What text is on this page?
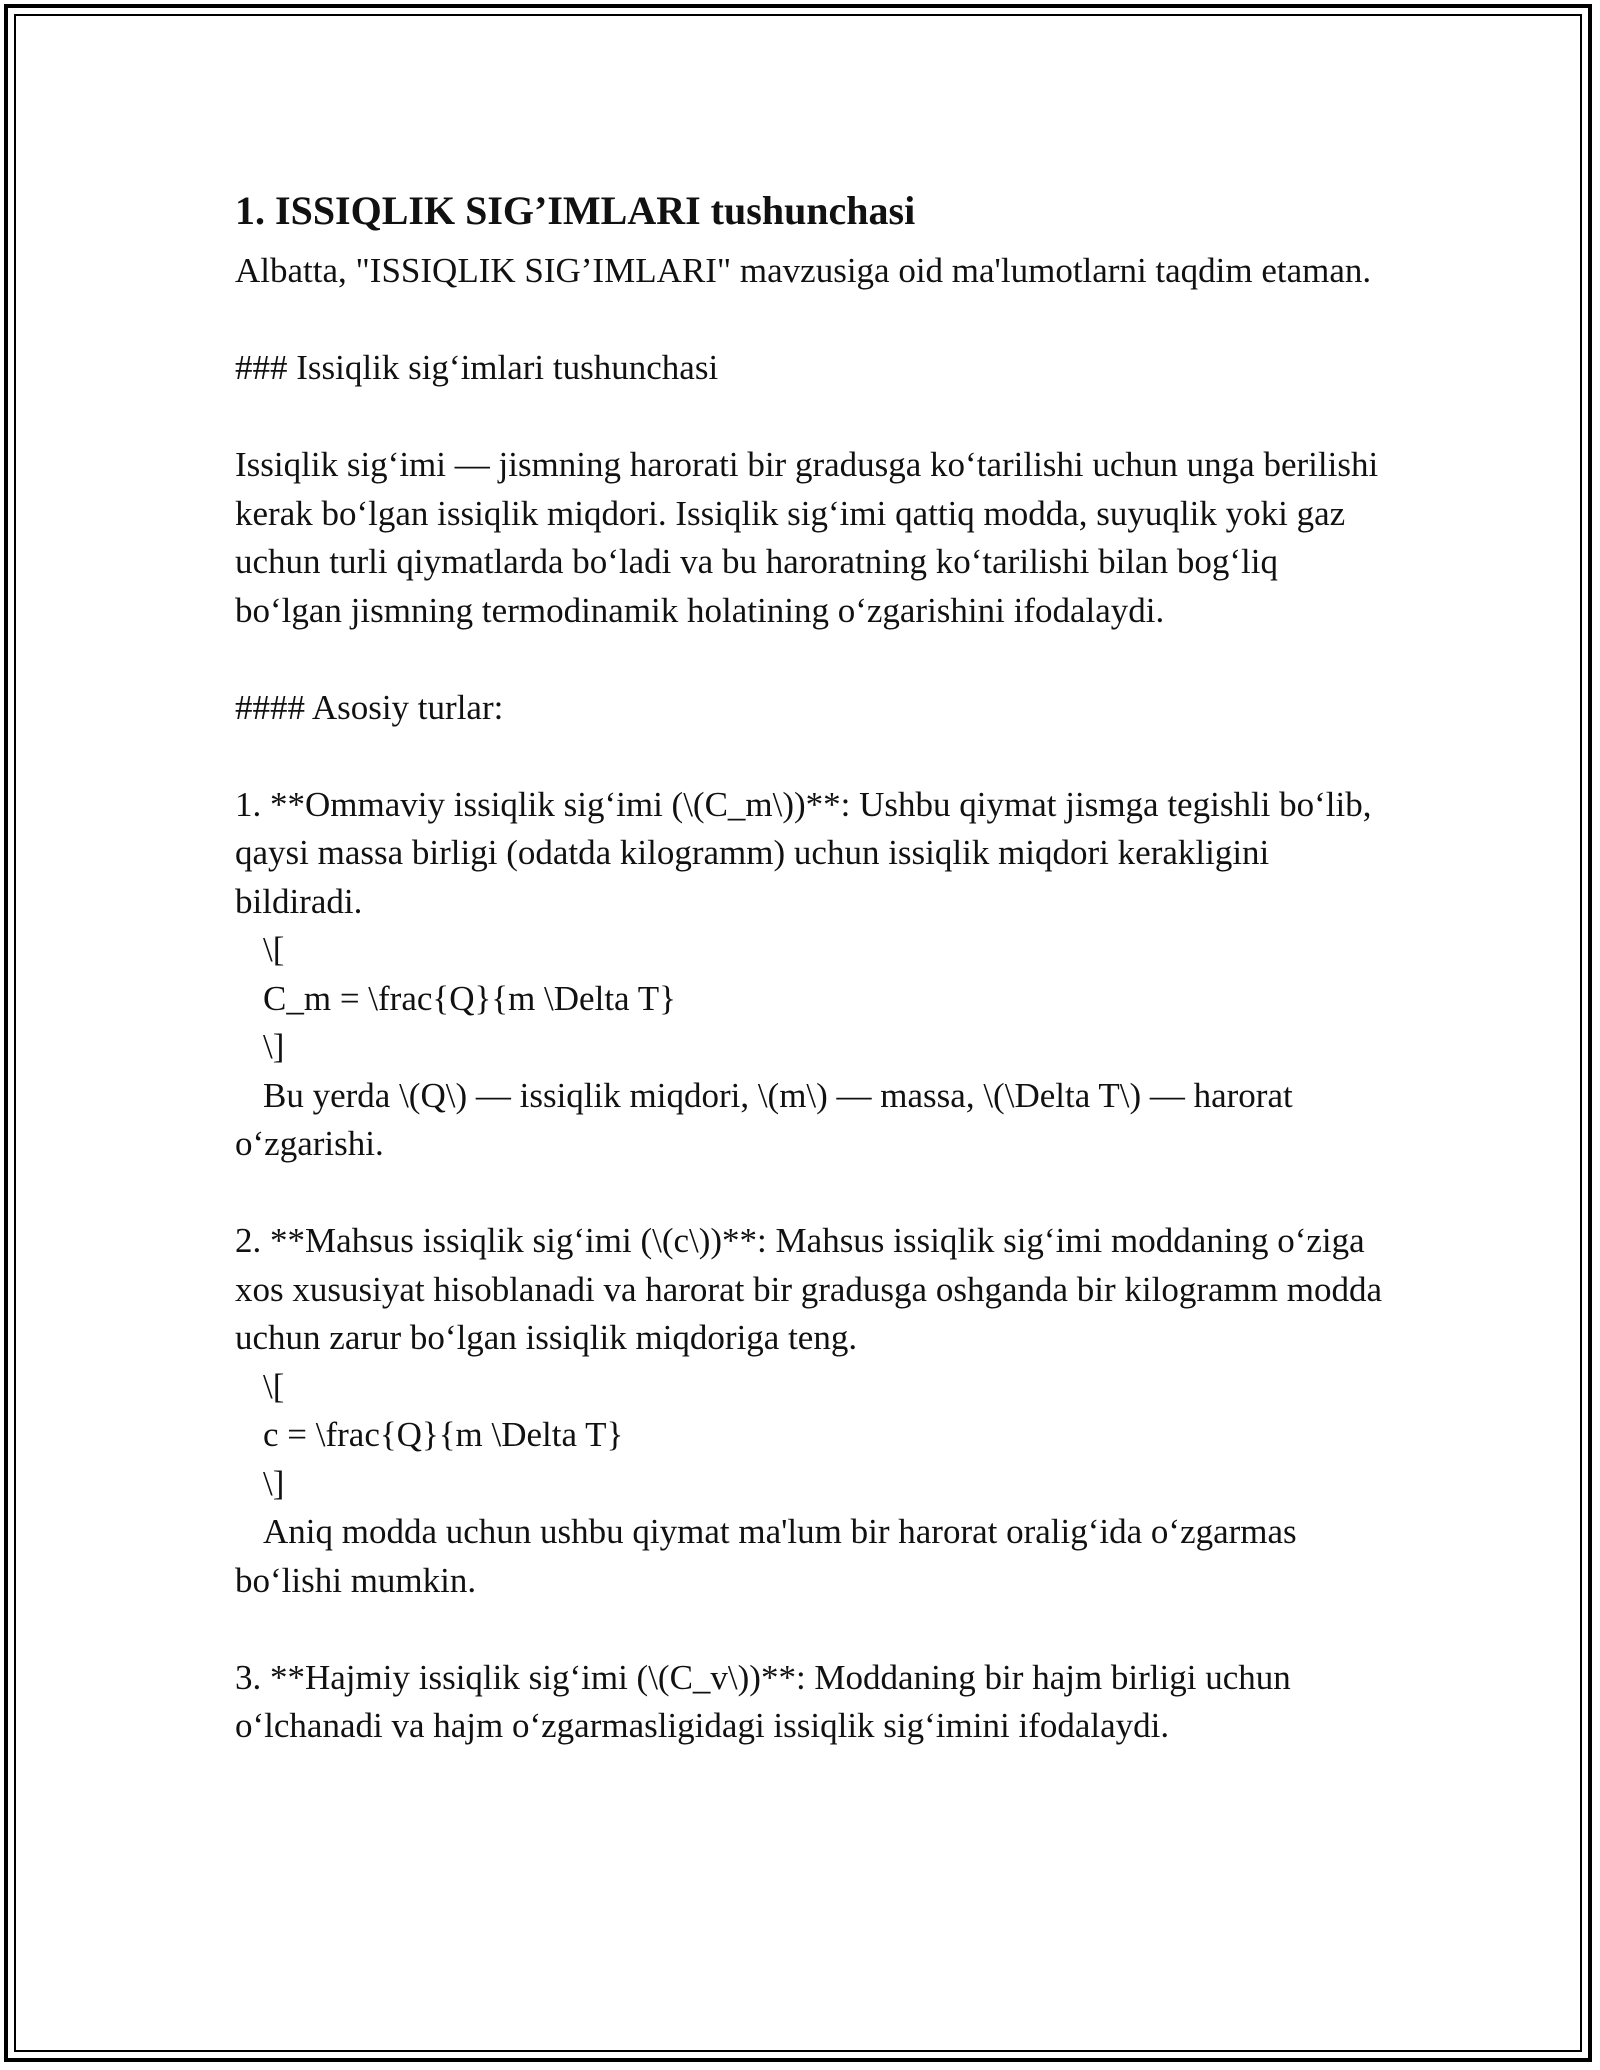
1. ISSIQLIK SIG’IMLARI tushunchasi

Albatta, "ISSIQLIK SIG’IMLARI" mavzusiga oid ma'lumotlarni taqdim etaman.

### Issiqlik sig‘imlari tushunchasi

Issiqlik sig‘imi — jismning harorati bir gradusga ko‘tarilishi uchun unga berilishi kerak bo‘lgan issiqlik miqdori. Issiqlik sig‘imi qattiq modda, suyuqlik yoki gaz uchun turli qiymatlarda bo‘ladi va bu haroratning ko‘tarilishi bilan bog‘liq bo‘lgan jismning termodinamik holatining o‘zgarishini ifodalaydi.

#### Asosiy turlar:

1. **Ommaviy issiqlik sig‘imi (\(C_m\))**: Ushbu qiymat jismga tegishli bo‘lib, qaysi massa birligi (odatda kilogramm) uchun issiqlik miqdori kerakligini bildiradi.

\[

C_m = \frac{Q}{m \Delta T}

\]

Bu yerda \(Q\) — issiqlik miqdori, \(m\) — massa, \(\Delta T\) — harorat o‘zgarishi.

2. **Mahsus issiqlik sig‘imi (\(c\))**: Mahsus issiqlik sig‘imi moddaning o‘ziga xos xususiyat hisoblanadi va harorat bir gradusga oshganda bir kilogramm modda uchun zarur bo‘lgan issiqlik miqdoriga teng.

\[

c = \frac{Q}{m \Delta T}

\]

Aniq modda uchun ushbu qiymat ma'lum bir harorat oralig‘ida o‘zgarmas bo‘lishi mumkin.

3. **Hajmiy issiqlik sig‘imi (\(C_v\))**: Moddaning bir hajm birligi uchun o‘lchanadi va hajm o‘zgarmasligidagi issiqlik sig‘imini ifodalaydi.
